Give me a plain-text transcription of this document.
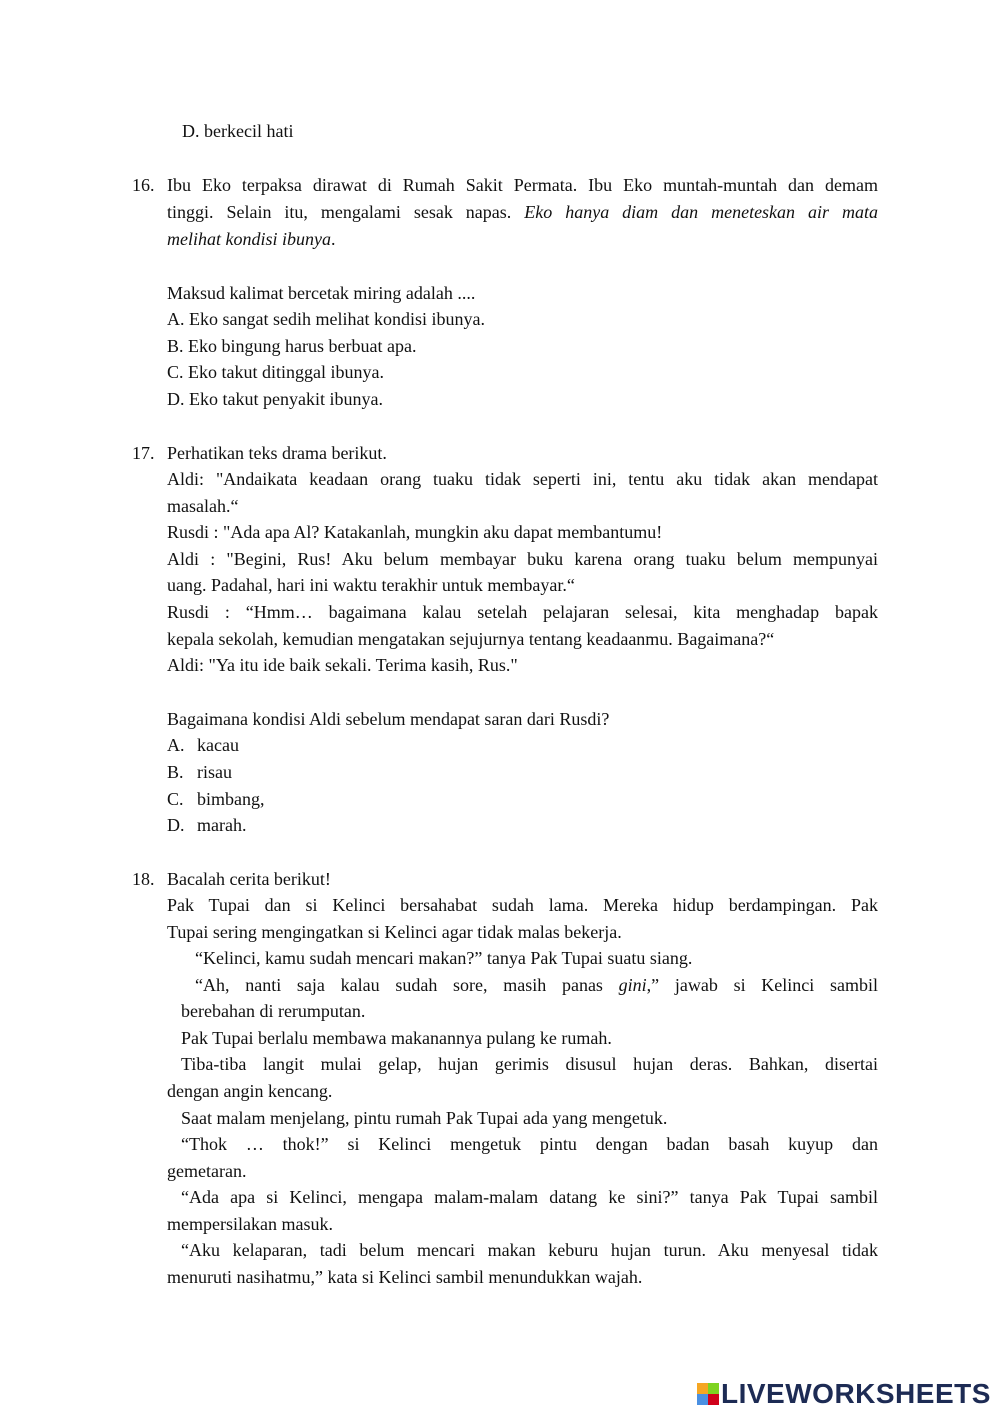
D. berkecil hati
16. Ibu Eko terpaksa dirawat di Rumah Sakit Permata. Ibu Eko muntah-muntah dan demam
tinggi. Selain itu, mengalami sesak napas. Eko hanya diam dan meneteskan air mata
melihat kondisi ibunya.
Maksud kalimat bercetak miring adalah ....
A. Eko sangat sedih melihat kondisi ibunya.
B. Eko bingung harus berbuat apa.
C. Eko takut ditinggal ibunya.
D. Eko takut penyakit ibunya.
17. Perhatikan teks drama berikut.
Aldi: "Andaikata keadaan orang tuaku tidak seperti ini, tentu aku tidak akan mendapat
masalah.“
Rusdi : "Ada apa Al? Katakanlah, mungkin aku dapat membantumu!
Aldi : "Begini, Rus! Aku belum membayar buku karena orang tuaku belum mempunyai
uang. Padahal, hari ini waktu terakhir untuk membayar.“
Rusdi : “Hmm… bagaimana kalau setelah pelajaran selesai, kita menghadap bapak
kepala sekolah, kemudian mengatakan sejujurnya tentang keadaanmu. Bagaimana?“
Aldi: "Ya itu ide baik sekali. Terima kasih, Rus."
Bagaimana kondisi Aldi sebelum mendapat saran dari Rusdi?
A. kacau
B. risau
C. bimbang,
D. marah.
18. Bacalah cerita berikut!
Pak Tupai dan si Kelinci bersahabat sudah lama. Mereka hidup berdampingan. Pak
Tupai sering mengingatkan si Kelinci agar tidak malas bekerja.
“Kelinci, kamu sudah mencari makan?” tanya Pak Tupai suatu siang.
“Ah, nanti saja kalau sudah sore, masih panas gini,” jawab si Kelinci sambil
berebahan di rerumputan.
Pak Tupai berlalu membawa makanannya pulang ke rumah.
Tiba-tiba langit mulai gelap, hujan gerimis disusul hujan deras. Bahkan, disertai
dengan angin kencang.
Saat malam menjelang, pintu rumah Pak Tupai ada yang mengetuk.
“Thok … thok!” si Kelinci mengetuk pintu dengan badan basah kuyup dan
gemetaran.
“Ada apa si Kelinci, mengapa malam-malam datang ke sini?” tanya Pak Tupai sambil
mempersilakan masuk.
“Aku kelaparan, tadi belum mencari makan keburu hujan turun. Aku menyesal tidak
menuruti nasihatmu,” kata si Kelinci sambil menundukkan wajah.
LIVEWORKSHEETS
